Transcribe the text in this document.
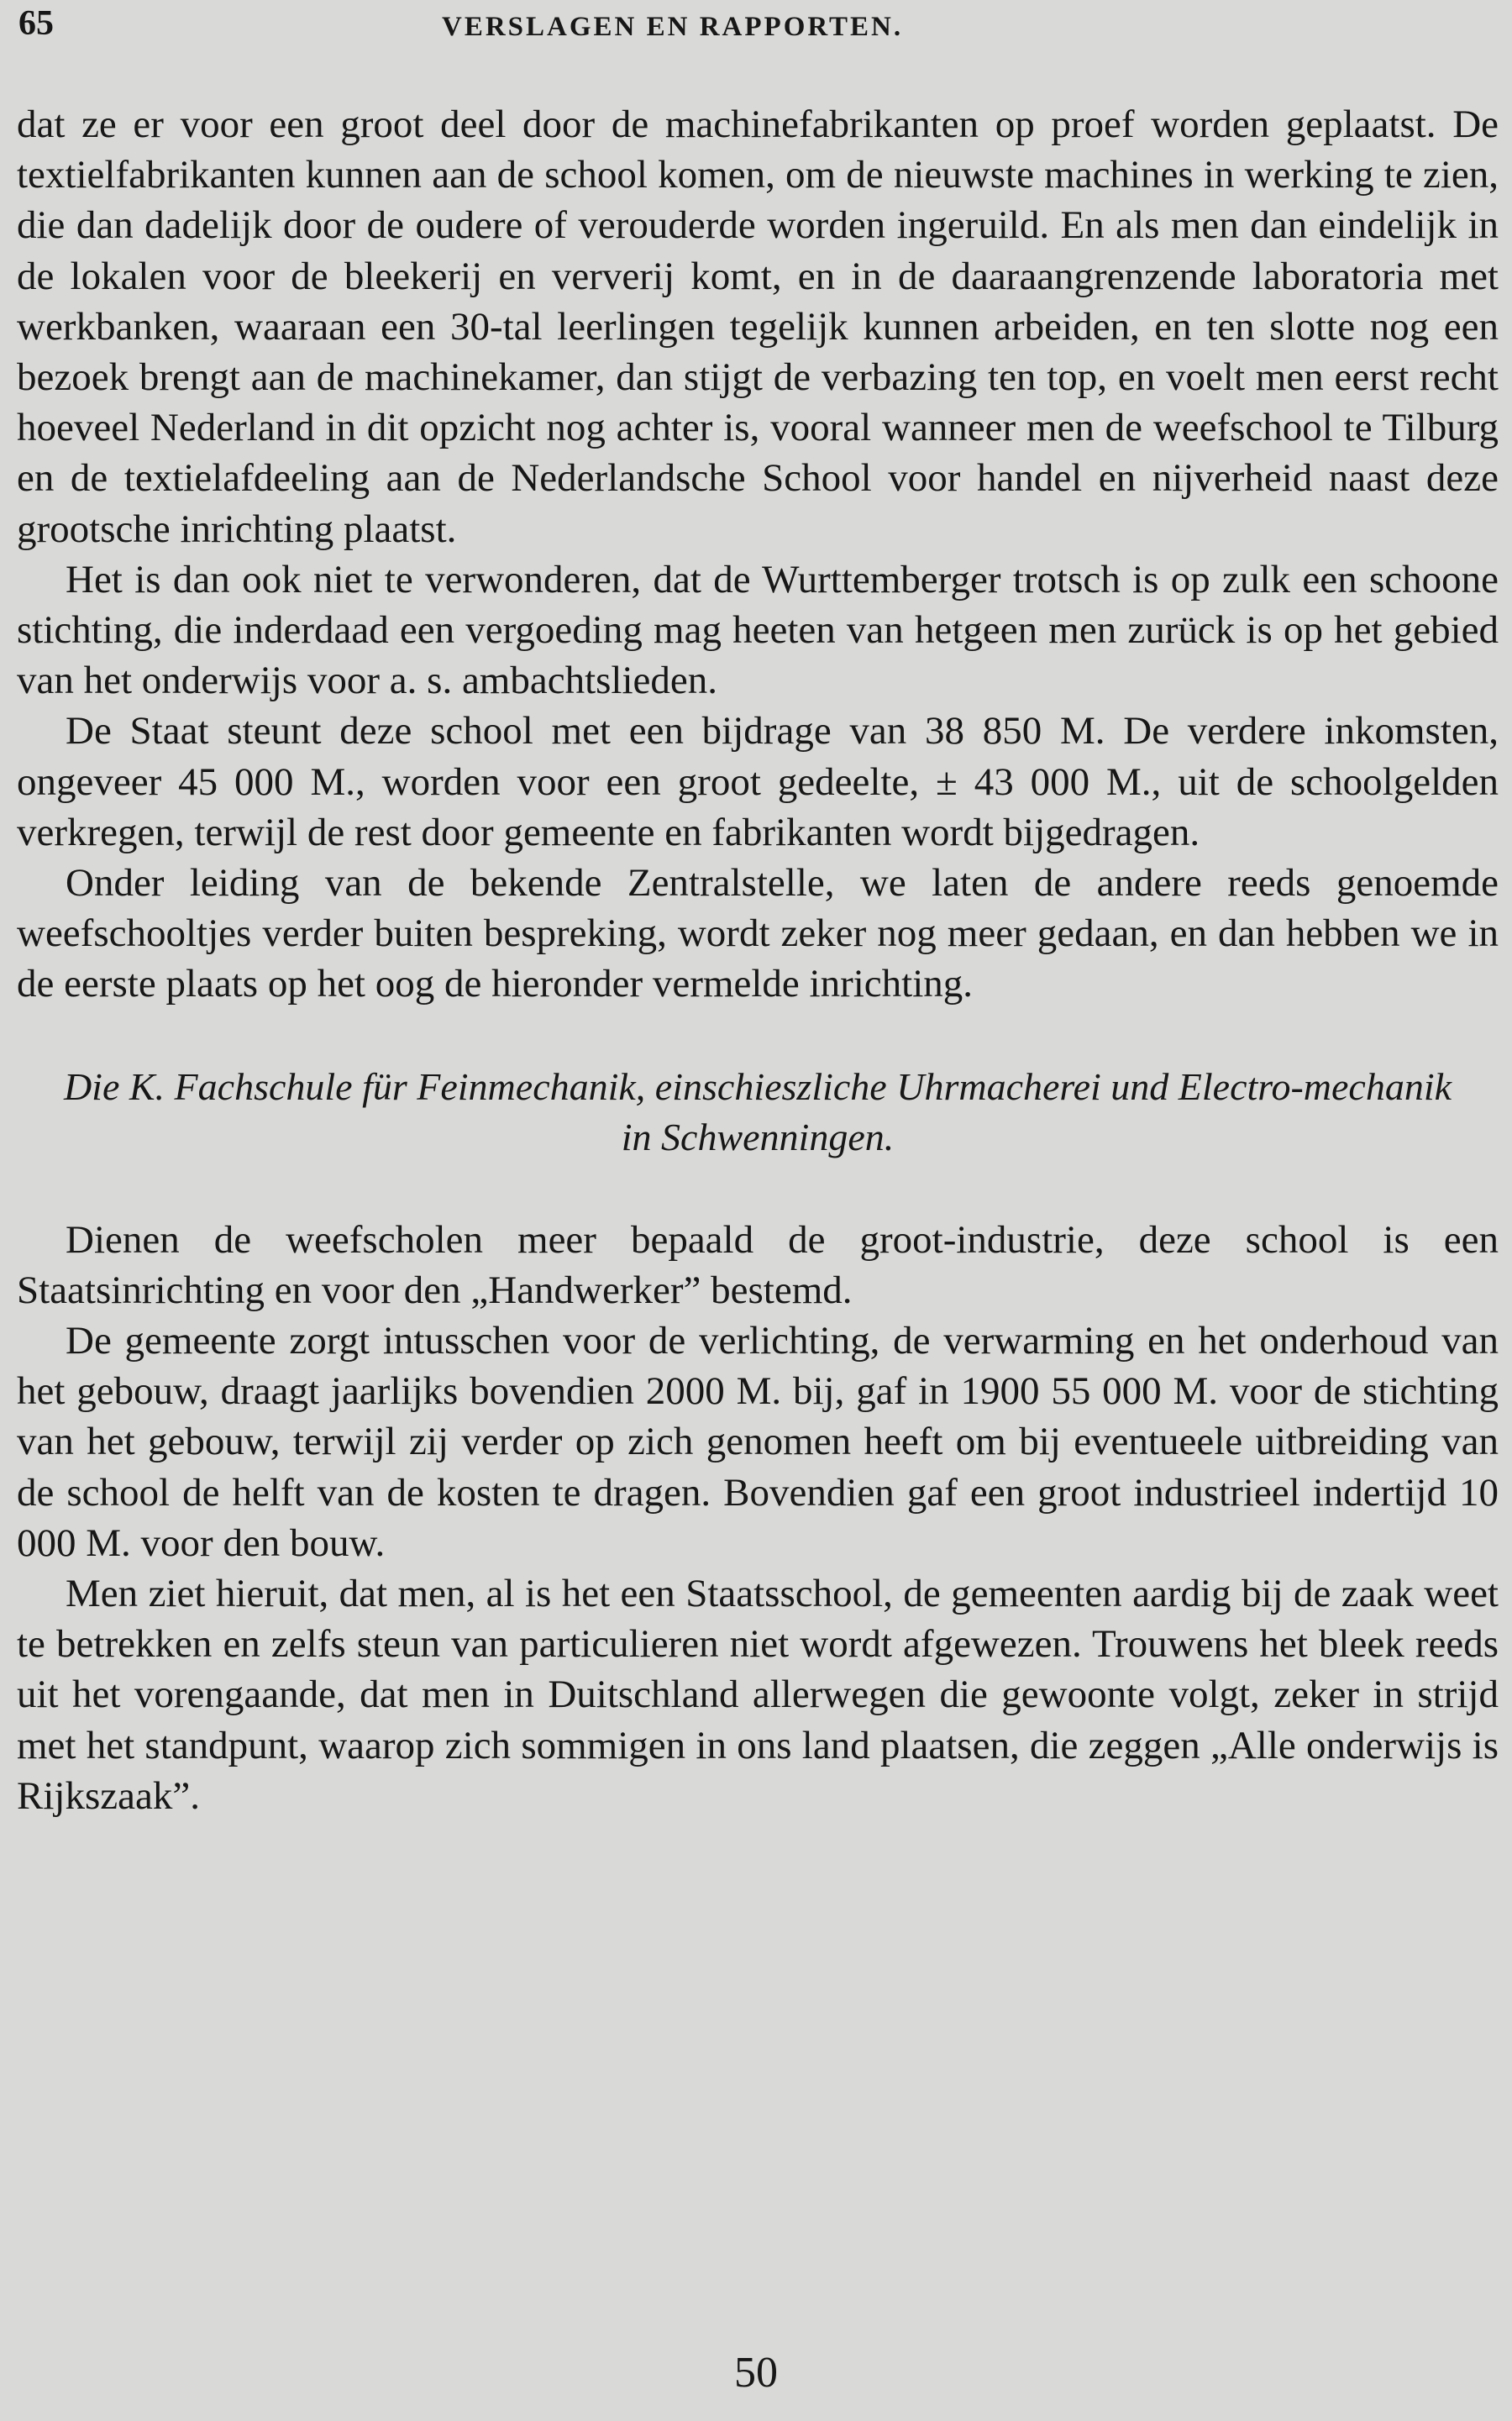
65	VERSLAGEN EN RAPPORTEN.

dat ze er voor een groot deel door de machinefabrikanten op proef worden geplaatst. De textielfabrikanten kunnen aan de school komen, om de nieuwste machines in werking te zien, die dan dadelijk door de oudere of verouderde worden ingeruild. En als men dan eindelijk in de lokalen voor de bleekerij en ververij komt, en in de daaraangrenzende laboratoria met werkbanken, waaraan een 30-tal leerlingen tegelijk kunnen arbeiden, en ten slotte nog een bezoek brengt aan de machinekamer, dan stijgt de verbazing ten top, en voelt men eerst recht hoeveel Nederland in dit opzicht nog achter is, vooral wanneer men de weefschool te Tilburg en de textielafdeeling aan de Nederlandsche School voor handel en nijverheid naast deze grootsche inrichting plaatst.

Het is dan ook niet te verwonderen, dat de Wurttemberger trotsch is op zulk een schoone stichting, die inderdaad een vergoeding mag heeten van hetgeen men zurück is op het gebied van het onderwijs voor a. s. ambachtslieden.

De Staat steunt deze school met een bijdrage van 38 850 M. De verdere inkomsten, ongeveer 45 000 M., worden voor een groot gedeelte, ± 43 000 M., uit de schoolgelden verkregen, terwijl de rest door gemeente en fabrikanten wordt bijgedragen.

Onder leiding van de bekende Zentralstelle, we laten de andere reeds genoemde weefschooltjes verder buiten bespreking, wordt zeker nog meer gedaan, en dan hebben we in de eerste plaats op het oog de hieronder vermelde inrichting.

Die K. Fachschule für Feinmechanik, einschieszliche Uhrmacherei und Electro-mechanik in Schwenningen.

Dienen de weefscholen meer bepaald de groot-industrie, deze school is een Staatsinrichting en voor den „Handwerker” bestemd.

De gemeente zorgt intusschen voor de verlichting, de verwarming en het onderhoud van het gebouw, draagt jaarlijks bovendien 2000 M. bij, gaf in 1900 55 000 M. voor de stichting van het gebouw, terwijl zij verder op zich genomen heeft om bij eventueele uitbreiding van de school de helft van de kosten te dragen. Bovendien gaf een groot industrieel indertijd 10 000 M. voor den bouw.

Men ziet hieruit, dat men, al is het een Staatsschool, de gemeenten aardig bij de zaak weet te betrekken en zelfs steun van particulieren niet wordt afgewezen. Trouwens het bleek reeds uit het vorengaande, dat men in Duitschland allerwegen die gewoonte volgt, zeker in strijd met het standpunt, waarop zich sommigen in ons land plaatsen, die zeggen „Alle onderwijs is Rijkszaak”.

50
